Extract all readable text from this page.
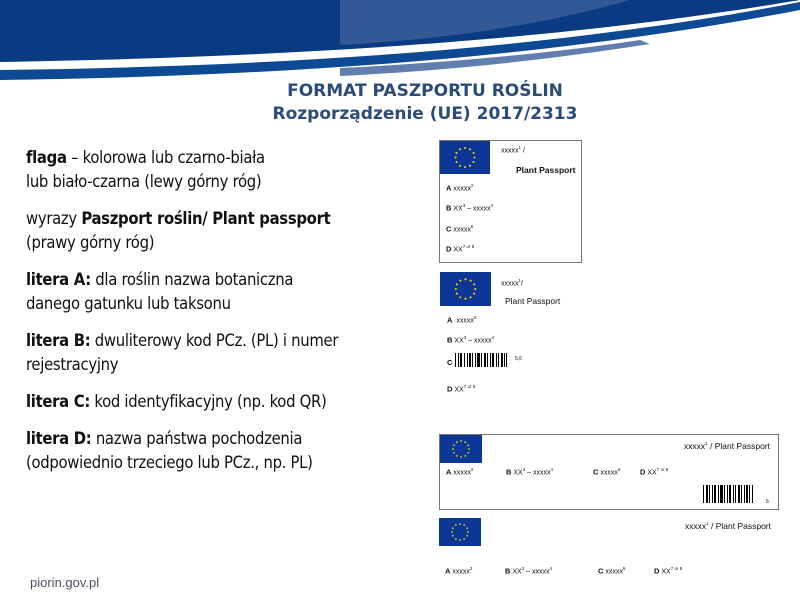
FORMAT PASZPORTU ROŚLIN
Rozporządzenie (UE) 2017/2313
flaga – kolorowa lub czarno-biała
lub biało-czarna (lewy górny róg)
wyrazy Paszport roślin/ Plant passport
(prawy górny róg)
litera A: dla roślin nazwa botaniczna
danego gatunku lub taksonu
litera B: dwuliterowy kod PCz. (PL) i numer
rejestracyjny
litera C: kod identyfikacyjny (np. kod QR)
litera D: nazwa państwa pochodzenia
(odpowiednio trzeciego lub PCz., np. PL)
xxxxx$^1$ /
Plant Passport
A xxxxx$^2$
B $XX^3$ – xxxxx$^4$
C xxxxx$^5$
D $XX^{7 or 8}$
xxxxx$^1$/
Plant Passport
A xxxxx$^2$
B $XX^3$ – xxxxx$^4$
C	5,6
D $XX^{7 or 8}$
xxxxx$^1$ / Plant Passport
A xxxxx$^2$	B $XX^3$ – xxxxx$^4$	C xxxxx$^5$	D $XX^{7 or 8}$
6
xxxxx$^1$ / Plant Passport
A xxxxx$^2$	B $XX^3$ – xxxxx$^4$	C xxxxx$^5$	D $XX^{7 or 8}$
piorin.gov.pl
